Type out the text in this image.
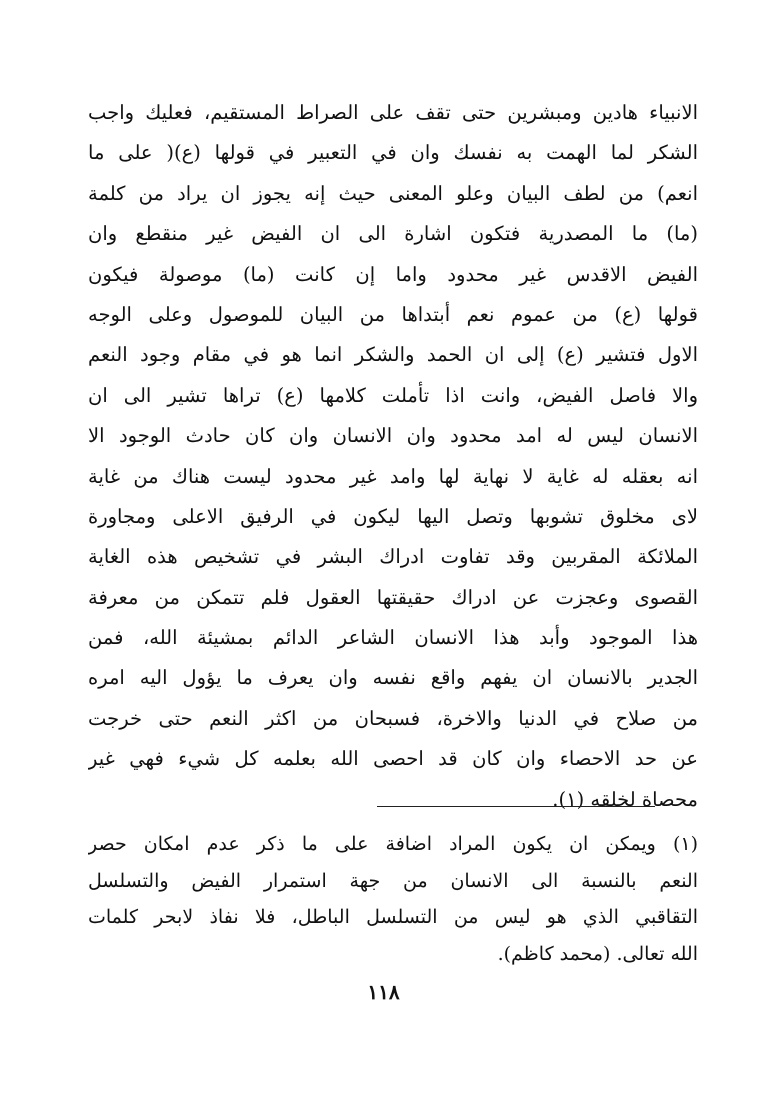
الانبياء هادين ومبشرين حتى تقف على الصراط المستقيم، فعليك واجب
الشكر لما الهمت به نفسك وان في التعبير في قولها (ع)( على ما
انعم) من لطف البيان وعلو المعنى حيث إنه يجوز ان يراد من كلمة
(ما) ما المصدرية فتكون اشارة الى ان الفيض غير منقطع وان
الفيض الاقدس غير محدود واما إن كانت (ما) موصولة فيكون
قولها (ع) من عموم نعم أبتداها من البيان للموصول وعلى الوجه
الاول فتشير (ع) إلى ان الحمد والشكر انما هو في مقام وجود النعم
والا فاصل الفيض، وانت اذا تأملت كلامها (ع) تراها تشير الى ان
الانسان ليس له امد محدود وان الانسان وان كان حادث الوجود الا
انه بعقله له غاية لا نهاية لها وامد غير محدود ليست هناك من غاية
لاى مخلوق تشوبها وتصل اليها ليكون في الرفيق الاعلى ومجاورة
الملائكة المقربين وقد تفاوت ادراك البشر في تشخيص هذه الغاية
القصوى وعجزت عن ادراك حقيقتها العقول فلم تتمكن من معرفة
هذا الموجود وأبد هذا الانسان الشاعر الدائم بمشيئة الله، فمن
الجدير بالانسان ان يفهم واقع نفسه وان يعرف ما يؤول اليه امره
من صلاح في الدنيا والاخرة، فسبحان من اكثر النعم حتى خرجت
عن حد الاحصاء وان كان قد احصى الله بعلمه كل شيء فهي غير
محصاة لخلقه (١).
(١) ويمكن ان يكون المراد اضافة على ما ذكر عدم امكان حصر
النعم بالنسبة الى الانسان من جهة استمرار الفيض والتسلسل
التقاقبي الذي هو ليس من التسلسل الباطل، فلا نفاذ لابحر كلمات
الله تعالى. (محمد كاظم).
١١٨
